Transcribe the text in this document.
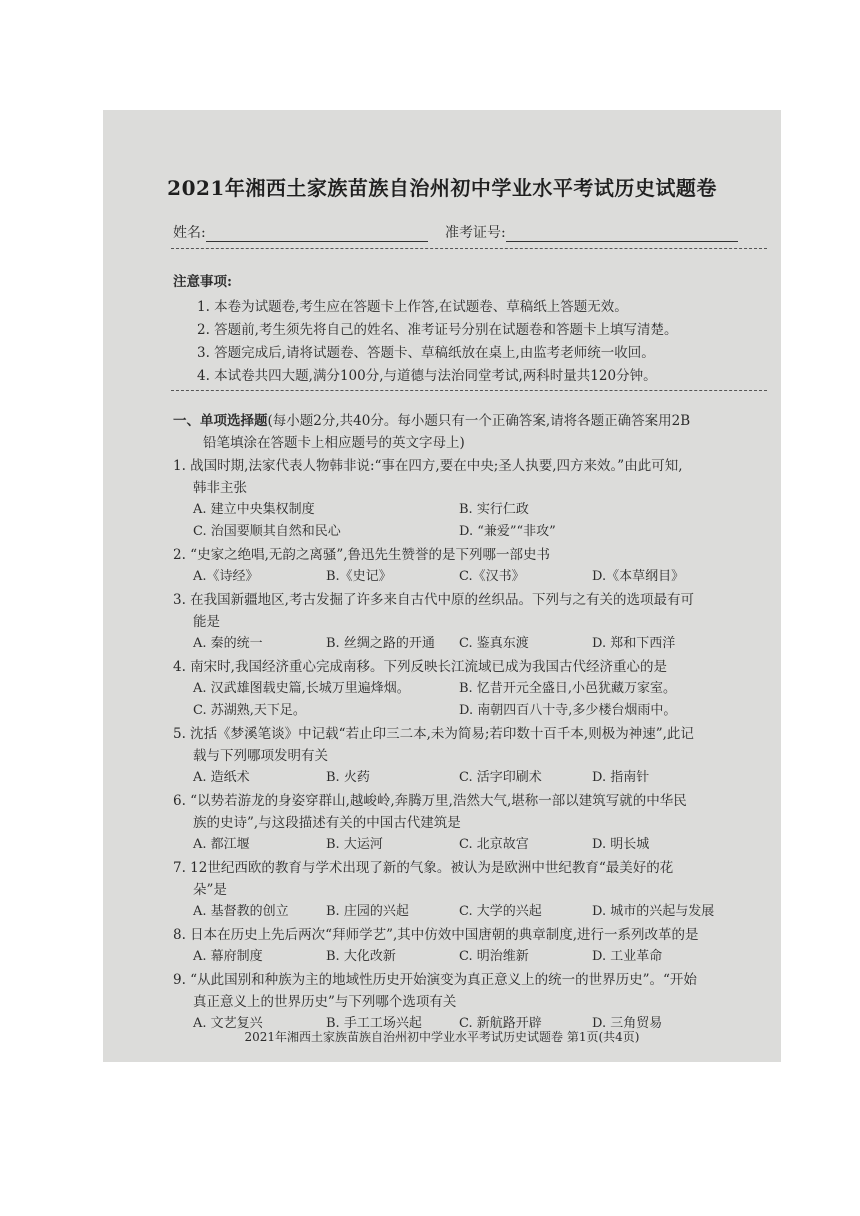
2021年湘西土家族苗族自治州初中学业水平考试历史试题卷
姓名:	准考证号:
注意事项:
1. 本卷为试题卷,考生应在答题卡上作答,在试题卷、草稿纸上答题无效。
2. 答题前,考生须先将自己的姓名、准考证号分别在试题卷和答题卡上填写清楚。
3. 答题完成后,请将试题卷、答题卡、草稿纸放在桌上,由监考老师统一收回。
4. 本试卷共四大题,满分100分,与道德与法治同堂考试,两科时量共120分钟。
一、单项选择题(每小题2分,共40分。每小题只有一个正确答案,请将各题正确答案用2B
铅笔填涂在答题卡上相应题号的英文字母上)
1. 战国时期,法家代表人物韩非说:“事在四方,要在中央;圣人执要,四方来效。”由此可知,
韩非主张
A. 建立中央集权制度	B. 实行仁政
C. 治国要顺其自然和民心	D. “兼爱”“非攻”
2. “史家之绝唱,无韵之离骚”,鲁迅先生赞誉的是下列哪一部史书
A.《诗经》	B.《史记》	C.《汉书》	D.《本草纲目》
3. 在我国新疆地区,考古发掘了许多来自古代中原的丝织品。下列与之有关的选项最有可
能是
A. 秦的统一	B. 丝绸之路的开通	C. 鉴真东渡	D. 郑和下西洋
4. 南宋时,我国经济重心完成南移。下列反映长江流域已成为我国古代经济重心的是
A. 汉武雄图载史篇,长城万里遍烽烟。	B. 忆昔开元全盛日,小邑犹藏万家室。
C. 苏湖熟,天下足。	D. 南朝四百八十寺,多少楼台烟雨中。
5. 沈括《梦溪笔谈》中记载“若止印三二本,未为简易;若印数十百千本,则极为神速”,此记
载与下列哪项发明有关
A. 造纸术	B. 火药	C. 活字印刷术	D. 指南针
6. “以势若游龙的身姿穿群山,越峻岭,奔腾万里,浩然大气,堪称一部以建筑写就的中华民
族的史诗”,与这段描述有关的中国古代建筑是
A. 都江堰	B. 大运河	C. 北京故宫	D. 明长城
7. 12世纪西欧的教育与学术出现了新的气象。被认为是欧洲中世纪教育“最美好的花
朵”是
A. 基督教的创立	B. 庄园的兴起	C. 大学的兴起	D. 城市的兴起与发展
8. 日本在历史上先后两次“拜师学艺”,其中仿效中国唐朝的典章制度,进行一系列改革的是
A. 幕府制度	B. 大化改新	C. 明治维新	D. 工业革命
9. “从此国别和种族为主的地域性历史开始演变为真正意义上的统一的世界历史”。“开始
真正意义上的世界历史”与下列哪个选项有关
A. 文艺复兴	B. 手工工场兴起	C. 新航路开辟	D. 三角贸易
2021年湘西土家族苗族自治州初中学业水平考试历史试题卷 第1页(共4页)
